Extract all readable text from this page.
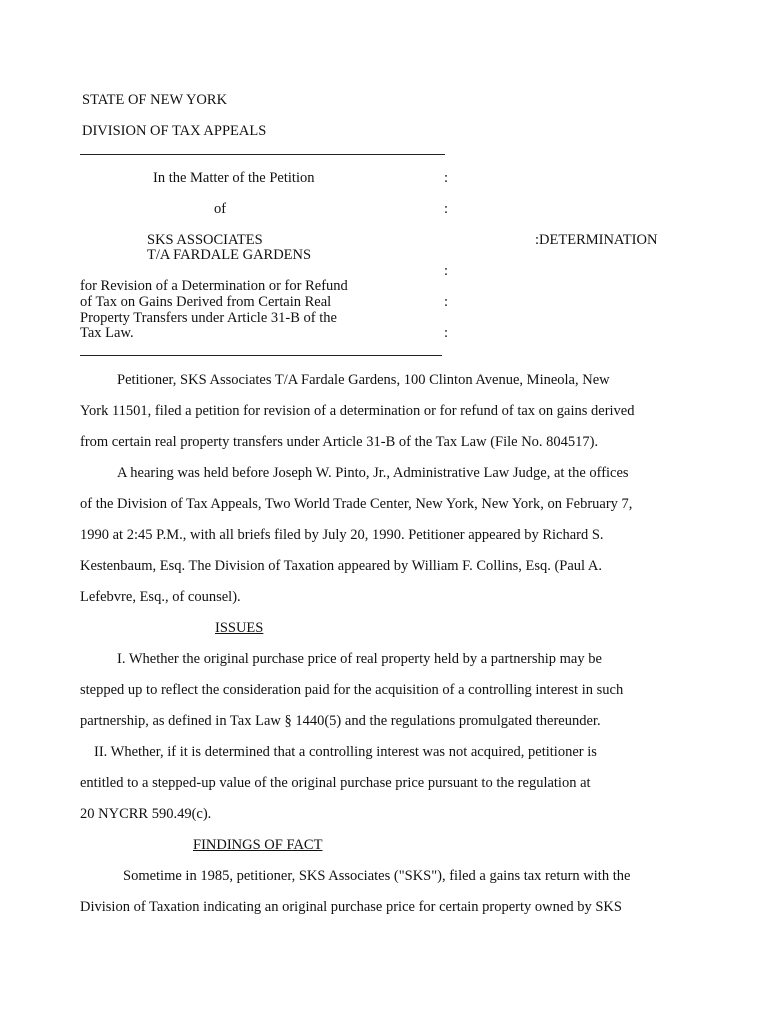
STATE OF NEW YORK
DIVISION OF TAX APPEALS
In the Matter of the Petition	:
of	:
SKS ASSOCIATES
T/A FARDALE GARDENS
:DETERMINATION
:
for Revision of a Determination or for Refund
of Tax on Gains Derived from Certain Real	:
Property Transfers under Article 31-B of the
Tax Law.	:
Petitioner, SKS Associates T/A Fardale Gardens, 100 Clinton Avenue, Mineola, New
York 11501, filed a petition for revision of a determination or for refund of tax on gains derived
from certain real property transfers under Article 31-B of the Tax Law (File No. 804517).
A hearing was held before Joseph W. Pinto, Jr., Administrative Law Judge, at the offices
of the Division of Tax Appeals, Two World Trade Center, New York, New York, on February 7,
1990 at 2:45 P.M., with all briefs filed by July 20, 1990. Petitioner appeared by Richard S.
Kestenbaum, Esq. The Division of Taxation appeared by William F. Collins, Esq. (Paul A.
Lefebvre, Esq., of counsel).
ISSUES
I. Whether the original purchase price of real property held by a partnership may be
stepped up to reflect the consideration paid for the acquisition of a controlling interest in such
partnership, as defined in Tax Law § 1440(5) and the regulations promulgated thereunder.
II. Whether, if it is determined that a controlling interest was not acquired, petitioner is
entitled to a stepped-up value of the original purchase price pursuant to the regulation at
20 NYCRR 590.49(c).
FINDINGS OF FACT
Sometime in 1985, petitioner, SKS Associates ("SKS"), filed a gains tax return with the
Division of Taxation indicating an original purchase price for certain property owned by SKS
